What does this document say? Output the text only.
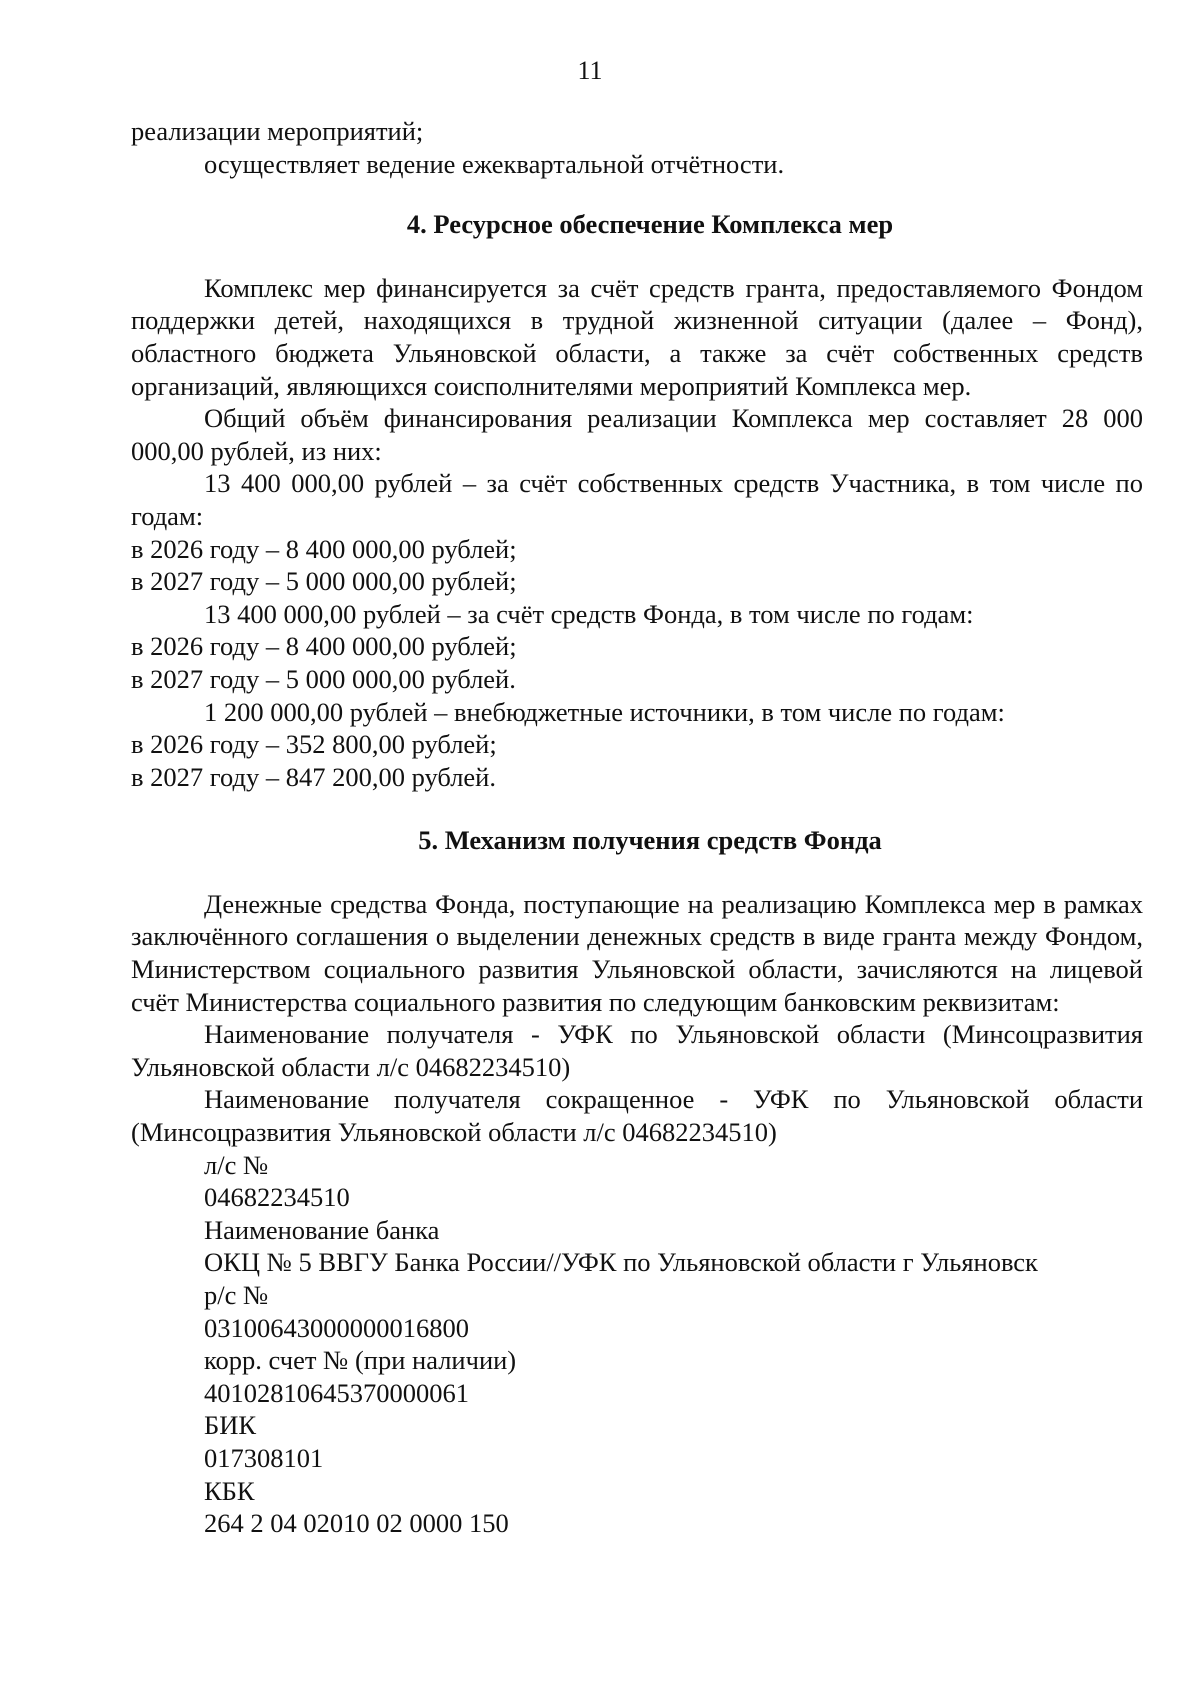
11

реализации мероприятий;

осуществляет ведение ежеквартальной отчётности.

4. Ресурсное обеспечение Комплекса мер

Комплекс мер финансируется за счёт средств гранта, предоставляемого Фондом поддержки детей, находящихся в трудной жизненной ситуации (далее – Фонд), областного бюджета Ульяновской области, а также за счёт собственных средств организаций, являющихся соисполнителями мероприятий Комплекса мер.

Общий объём финансирования реализации Комплекса мер составляет 28 000 000,00 рублей, из них:

13 400 000,00 рублей – за счёт собственных средств Участника, в том числе по годам:

в 2026 году – 8 400 000,00 рублей;

в 2027 году – 5 000 000,00 рублей;

13 400 000,00 рублей – за счёт средств Фонда, в том числе по годам:

в 2026 году – 8 400 000,00 рублей;

в 2027 году – 5 000 000,00 рублей.

1 200 000,00 рублей – внебюджетные источники, в том числе по годам:

в 2026 году – 352 800,00 рублей;

в 2027 году – 847 200,00 рублей.

5. Механизм получения средств Фонда

Денежные средства Фонда, поступающие на реализацию Комплекса мер в рамках заключённого соглашения о выделении денежных средств в виде гранта между Фондом, Министерством социального развития Ульяновской области, зачисляются на лицевой счёт Министерства социального развития по следующим банковским реквизитам:

Наименование получателя - УФК по Ульяновской области (Минсоцразвития Ульяновской области л/с 04682234510)

Наименование получателя сокращенное - УФК по Ульяновской области (Минсоцразвития Ульяновской области л/с 04682234510)

л/с №

04682234510

Наименование банка

ОКЦ № 5 ВВГУ Банка России//УФК по Ульяновской области г Ульяновск

р/с №

03100643000000016800

корр. счет № (при наличии)

40102810645370000061

БИК

017308101

КБК

264 2 04 02010 02 0000 150
